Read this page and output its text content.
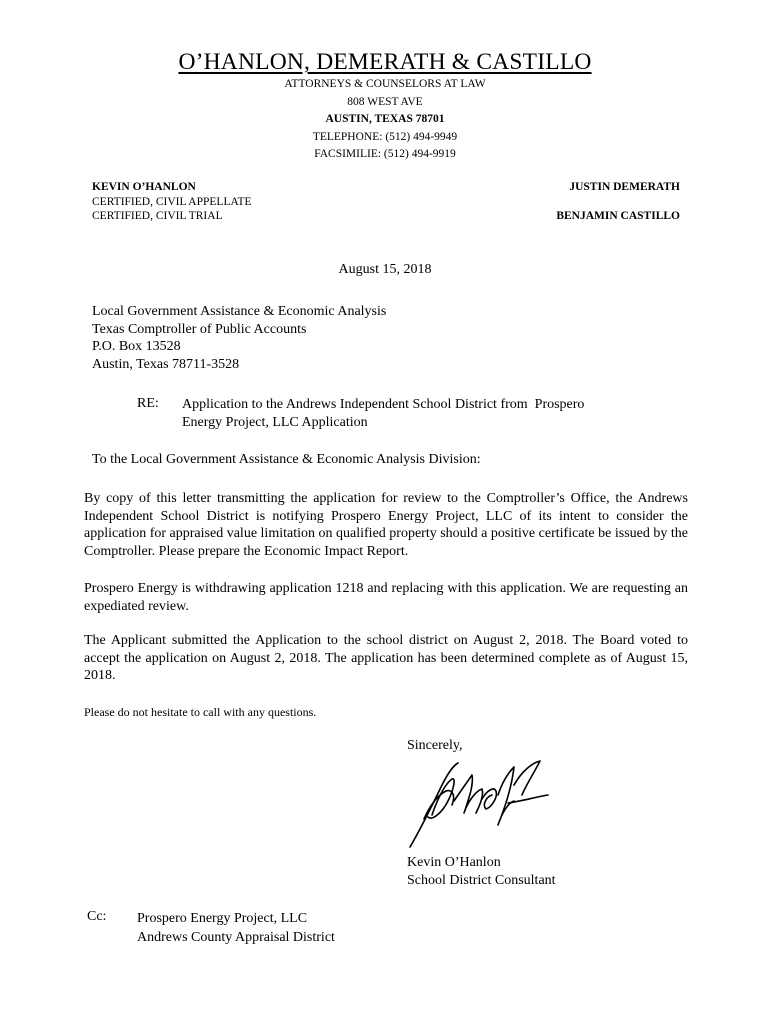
O’HANLON, DEMERATH & CASTILLO
ATTORNEYS & COUNSELORS AT LAW
808 WEST AVE
AUSTIN, TEXAS 78701
TELEPHONE: (512) 494-9949
FACSIMILIE: (512) 494-9919
KEVIN O’HANLON
CERTIFIED, CIVIL APPELLATE
CERTIFIED, CIVIL TRIAL
JUSTIN DEMERATH
BENJAMIN CASTILLO
August 15, 2018
Local Government Assistance & Economic Analysis
Texas Comptroller of Public Accounts
P.O. Box 13528
Austin, Texas 78711-3528
RE: Application to the Andrews Independent School District from  Prospero
Energy Project, LLC Application
To the Local Government Assistance & Economic Analysis Division:
By copy of this letter transmitting the application for review to the Comptroller’s Office, the Andrews Independent School District is notifying Prospero Energy Project, LLC of its intent to consider the application for appraised value limitation on qualified property should a positive certificate be issued by the Comptroller. Please prepare the Economic Impact Report.
Prospero Energy is withdrawing application 1218 and replacing with this application. We are requesting an expediated review.
The Applicant submitted the Application to the school district on August 2, 2018. The Board voted to accept the application on August 2, 2018. The application has been determined complete as of August 15, 2018.
Please do not hesitate to call with any questions.
Sincerely,
Kevin O’Hanlon
School District Consultant
Cc: Prospero Energy Project, LLC
Andrews County Appraisal District
